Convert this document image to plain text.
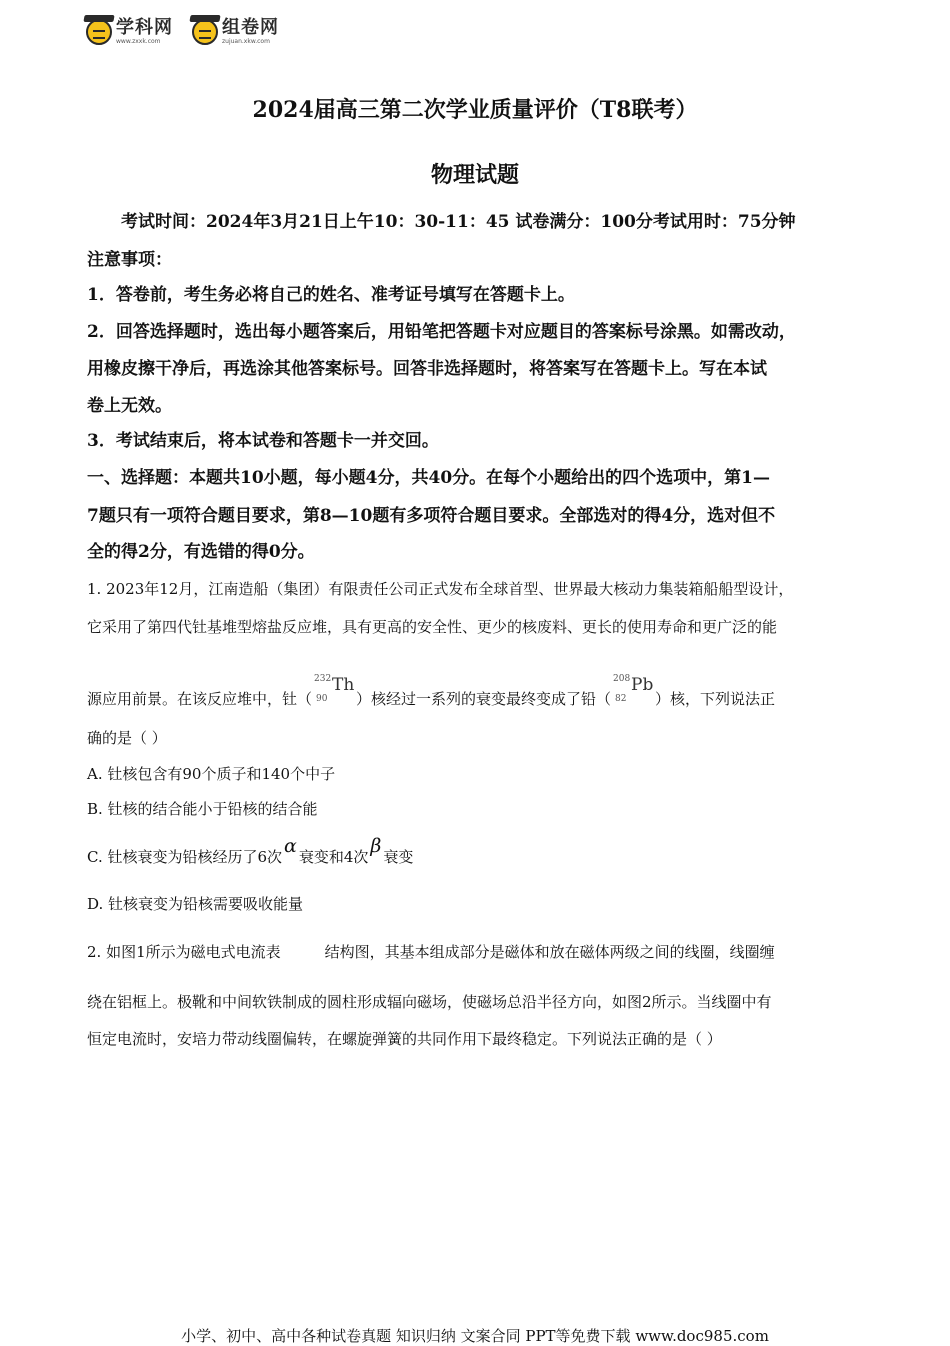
学科网
www.zxxk.com
组卷网
zujuan.xkw.com
2024届高三第二次学业质量评价（T8联考）
物理试题
考试时间：2024年3月21日上午10：30-11：45 试卷满分：100分考试用时：75分钟
注意事项：
1．答卷前，考生务必将自己的姓名、准考证号填写在答题卡上。
2．回答选择题时，选出每小题答案后，用铅笔把答题卡对应题目的答案标号涂黑。如需改动，
用橡皮擦干净后，再选涂其他答案标号。回答非选择题时，将答案写在答题卡上。写在本试
卷上无效。
3．考试结束后，将本试卷和答题卡一并交回。
一、选择题：本题共10小题，每小题4分，共40分。在每个小题给出的四个选项中，第1—
7题只有一项符合题目要求，第8—10题有多项符合题目要求。全部选对的得4分，选对但不
全的得2分，有选错的得0分。
1. 2023年12月，江南造船（集团）有限责任公司正式发布全球首型、世界最大核动力集装箱船船型设计，
它采用了第四代钍基堆型熔盐反应堆，具有更高的安全性、更少的核废料、更长的使用寿命和更广泛的能
源应用前景。在该反应堆中，钍（
232
90
Th
）核经过一系列的衰变最终变成了铅（
208
82
Pb
）核，下列说法正
确的是（ ）
A. 钍核包含有90个质子和140个中子
B. 钍核的结合能小于铅核的结合能
C. 钍核衰变为铅核经历了6次 α 衰变和4次 β 衰变
D. 钍核衰变为铅核需要吸收能量
2. 如图1所示为磁电式电流表	结构图，其基本组成部分是磁体和放在磁体两级之间的线圈，线圈缠
绕在铝框上。极靴和中间软铁制成的圆柱形成辐向磁场，使磁场总沿半径方向，如图2所示。当线圈中有
恒定电流时，安培力带动线圈偏转，在螺旋弹簧的共同作用下最终稳定。下列说法正确的是（ ）
小学、初中、高中各种试卷真题 知识归纳 文案合同 PPT等免费下载 www.doc985.com
